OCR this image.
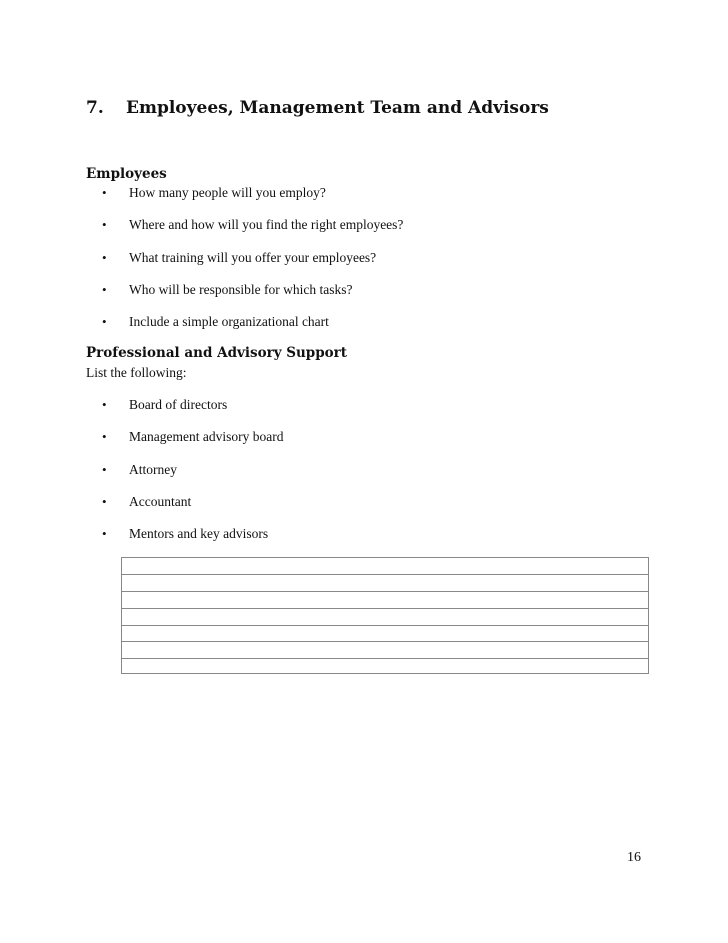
7. Employees, Management Team and Advisors
Employees
• How many people will you employ?
• Where and how will you find the right employees?
• What training will you offer your employees?
• Who will be responsible for which tasks?
• Include a simple organizational chart
Professional and Advisory Support
List the following:
• Board of directors
• Management advisory board
• Attorney
• Accountant
• Mentors and key advisors
16
